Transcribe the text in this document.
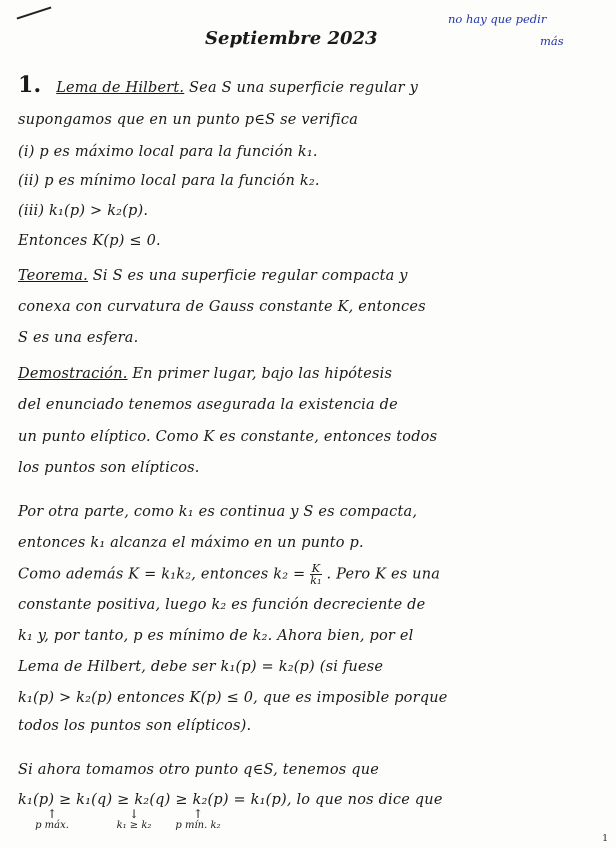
Septiembre 2023
no hay que pedir
más
1. Lema de Hilbert. Sea S una superficie regular y
supongamos que en un punto p∈S se verifica
(i) p es máximo local para la función k₁.
(ii) p es mínimo local para la función k₂.
(iii) k₁(p) > k₂(p).
Entonces K(p) ≤ 0.
Teorema. Si S es una superficie regular compacta y
conexa con curvatura de Gauss constante K, entonces
S es una esfera.
Demostración. En primer lugar, bajo las hipótesis
del enunciado tenemos asegurada la existencia de
un punto elíptico. Como K es constante, entonces todos
los puntos son elípticos.
Por otra parte, como k₁ es continua y S es compacta,
entonces k₁ alcanza el máximo en un punto p.
Como además K = k₁k₂, entonces $k_2 = \frac{K}{\text{k₁}}$ . Pero K es una
constante positiva, luego k₂ es función decreciente de
k₁ y, por tanto, p es mínimo de k₂. Ahora bien, por el
Lema de Hilbert, debe ser k₁(p) = k₂(p) (si fuese
k₁(p) > k₂(p) entonces K(p) ≤ 0, que es imposible porque
todos los puntos son elípticos).
Si ahora tomamos otro punto q∈S, tenemos que
k₁(p) ≥ k₁(q) ≥ k₂(q) ≥ k₂(p) = k₁(p), lo que nos dice que
↑
p máx.
↓
k₁ ≥ k₂
↑
p mín. k₂
1
